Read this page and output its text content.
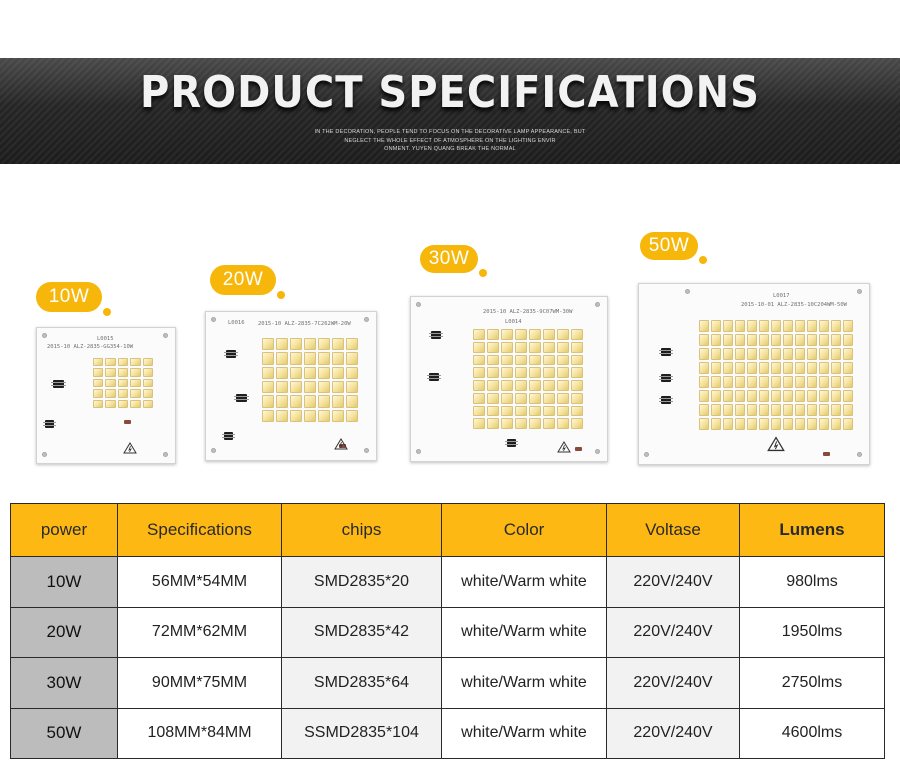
PRODUCT SPECIFICATIONS
IN THE DECORATION, PEOPLE TEND TO FOCUS ON THE DECORATIVE LAMP APPEARANCE, BUT
NEGLECT THE WHOLE EFFECT OF ATMOSPHERE ON THE LIGHTING ENVIR
ONMENT. YUYEN QUANG BREAK THE NORMAL
10W
L0015
2015-10 ALZ-2835-GG354-10W
20W
L0016 2015-10 ALZ-2835-7C262WM-20W
30W
2015-10 ALZ-2835-9C07WM-30W
L0014
50W
L0017
2015-10-01 ALZ-2835-10C204WM-50W
power	Specifications	chips	Color	Voltase	Lumens
10W	56MM*54MM	SMD2835*20	white/Warm white	220V/240V	980lms
20W	72MM*62MM	SMD2835*42	white/Warm white	220V/240V	1950lms
30W	90MM*75MM	SMD2835*64	white/Warm white	220V/240V	2750lms
50W	108MM*84MM	SSMD2835*104	white/Warm white	220V/240V	4600lms
